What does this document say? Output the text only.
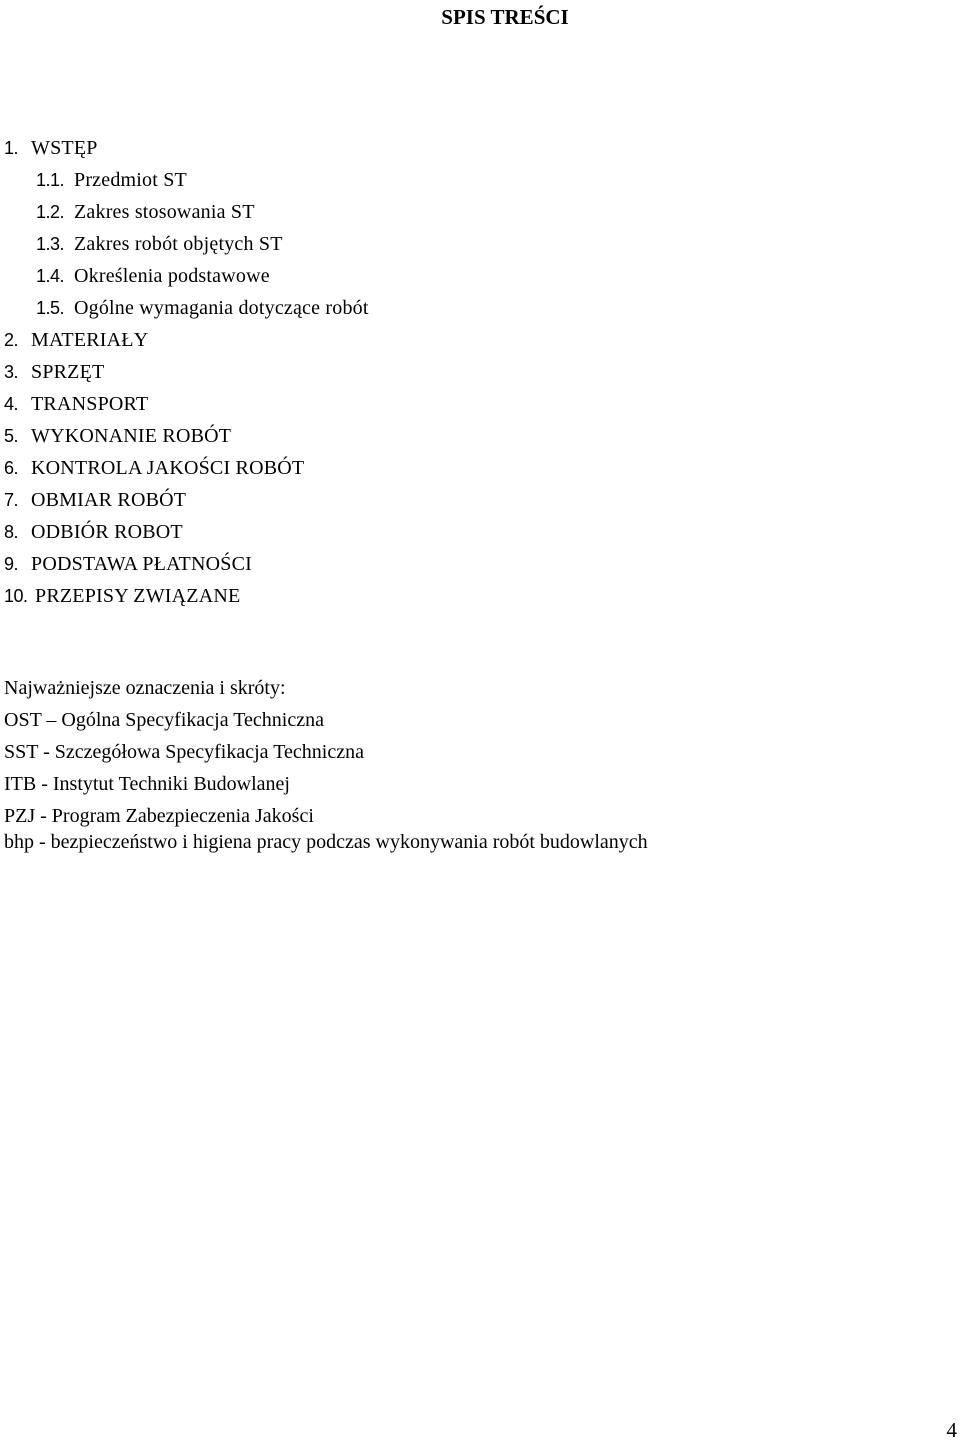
SPIS TREŚCI
1. WSTĘP
1.1. Przedmiot ST
1.2. Zakres stosowania ST
1.3. Zakres robót objętych ST
1.4. Określenia podstawowe
1.5. Ogólne wymagania dotyczące robót
2. MATERIAŁY
3. SPRZĘT
4. TRANSPORT
5. WYKONANIE ROBÓT
6. KONTROLA JAKOŚCI ROBÓT
7. OBMIAR ROBÓT
8. ODBIÓR ROBOT
9. PODSTAWA PŁATNOŚCI
10. PRZEPISY ZWIĄZANE
Najważniejsze oznaczenia i skróty:
OST – Ogólna Specyfikacja Techniczna
SST - Szczegółowa Specyfikacja Techniczna
ITB - Instytut Techniki Budowlanej
PZJ - Program Zabezpieczenia Jakości
bhp - bezpieczeństwo i higiena pracy podczas wykonywania robót budowlanych
4
